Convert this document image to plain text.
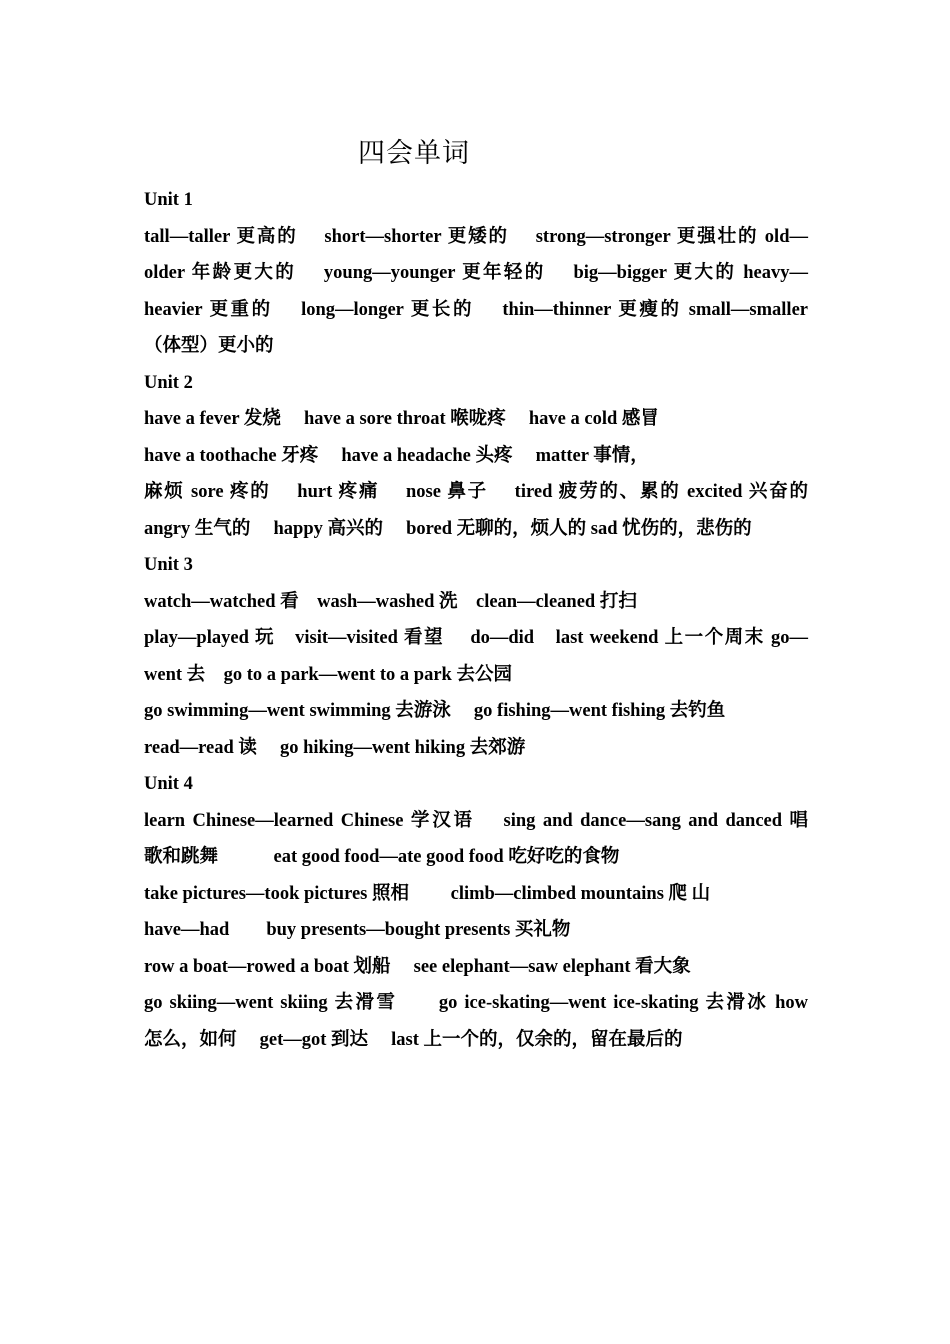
四会单词
Unit 1
tall—taller 更高的　 short—shorter 更矮的　 strong—stronger 更强壮的 old—
older 年龄更大的　 young—younger 更年轻的　 big—bigger 更大的 heavy—
heavier 更重的　 long—longer 更长的　 thin—thinner 更瘦的 small—smaller
（体型）更小的
Unit 2
have a fever 发烧　 have a sore throat 喉咙疼　 have a cold 感冒
have a toothache 牙疼　 have a headache 头疼　 matter 事情，
麻烦 sore 疼的　 hurt 疼痛　 nose 鼻子　 tired 疲劳的、累的 excited 兴奋的
angry 生气的　 happy 高兴的　 bored 无聊的，烦人的 sad 忧伤的，悲伤的
Unit 3
watch—watched 看　wash—washed 洗　clean—cleaned 打扫
play—played 玩　visit—visited 看望　 do—did　last weekend 上一个周末 go—
went 去　go to a park—went to a park 去公园
go swimming—went swimming 去游泳　 go fishing—went fishing 去钓鱼
read—read 读　 go hiking—went hiking 去郊游
Unit 4
learn Chinese—learned Chinese 学汉语　 sing and dance—sang and danced 唱
歌和跳舞　　　eat good food—ate good food 吃好吃的食物
take pictures—took pictures 照相　　 climb—climbed mountains 爬 山
have—had　　buy presents—bought presents 买礼物
row a boat—rowed a boat 划船　 see elephant—saw elephant 看大象
go skiing—went skiing 去滑雪　　go ice-skating—went ice-skating 去滑冰 how
怎么，如何　 get—got 到达　 last 上一个的，仅余的，留在最后的
